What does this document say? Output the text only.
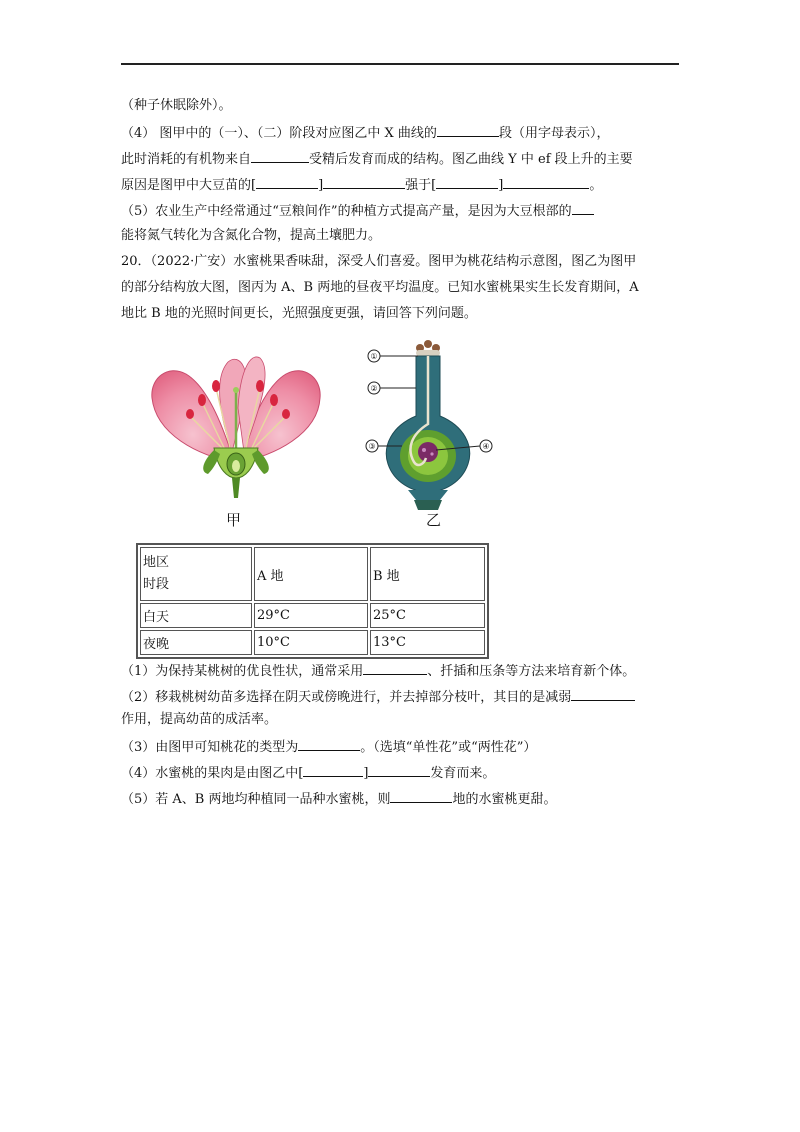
（种子休眠除外）。
（4） 图甲中的（一）、（二）阶段对应图乙中 X 曲线的	段（用字母表示），
此时消耗的有机物来自	受精后发育而成的结构。图乙曲线 Y 中 ef 段上升的主要
原因是图甲中大豆苗的[	]	强于[	]	。
（5）农业生产中经常通过“豆粮间作”的种植方式提高产量，是因为大豆根部的
能将氮气转化为含氮化合物，提高土壤肥力。
20．（2022·广安）水蜜桃果香味甜，深受人们喜爱。图甲为桃花结构示意图，图乙为图甲
的部分结构放大图，图丙为 A、B 两地的昼夜平均温度。已知水蜜桃果实生长发育期间，A
地比 B 地的光照时间更长，光照强度更强，请回答下列问题。
甲
①
②
③	④
乙
地区
时段	A 地	B 地
白天	29°C	25°C
夜晚	10°C	13°C
（1）为保持某桃树的优良性状，通常采用	、扦插和压条等方法来培育新个体。
（2）移栽桃树幼苗多选择在阴天或傍晚进行，并去掉部分枝叶，其目的是减弱
作用，提高幼苗的成活率。
（3）由图甲可知桃花的类型为	。（选填“单性花”或“两性花”）
（4）水蜜桃的果肉是由图乙中[	]	发育而来。
（5）若 A、B 两地均种植同一品种水蜜桃，则	地的水蜜桃更甜。
